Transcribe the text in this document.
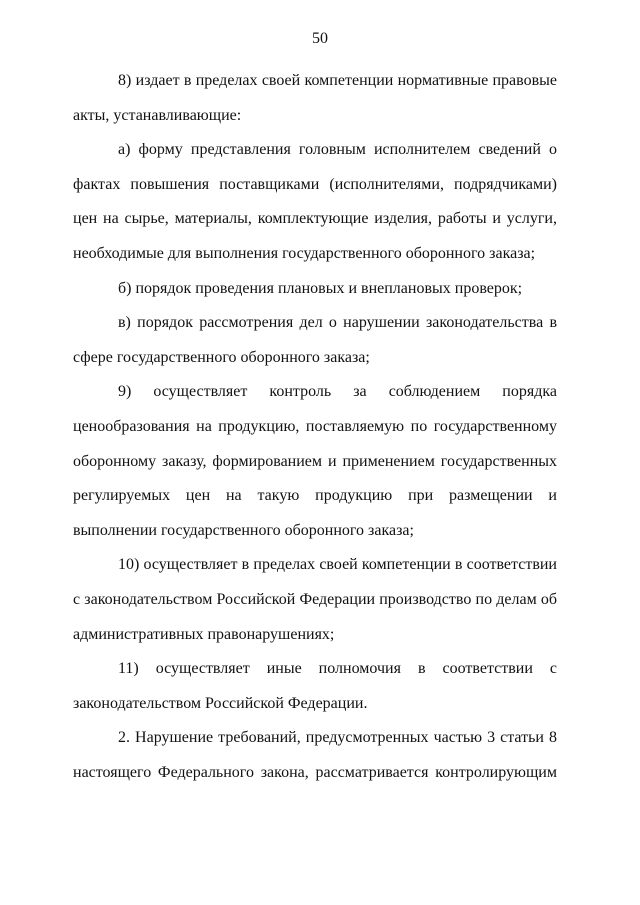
50

8) издает в пределах своей компетенции нормативные правовые акты, устанавливающие:

а) форму представления головным исполнителем сведений о фактах повышения поставщиками (исполнителями, подрядчиками) цен на сырье, материалы, комплектующие изделия, работы и услуги, необходимые для выполнения государственного оборонного заказа;

б) порядок проведения плановых и внеплановых проверок;

в) порядок рассмотрения дел о нарушении законодательства в сфере государственного оборонного заказа;

9) осуществляет контроль за соблюдением порядка ценообразования на продукцию, поставляемую по государственному оборонному заказу, формированием и применением государственных регулируемых цен на такую продукцию при размещении и выполнении государственного оборонного заказа;

10) осуществляет в пределах своей компетенции в соответствии с законодательством Российской Федерации производство по делам об административных правонарушениях;

11) осуществляет иные полномочия в соответствии с законодательством Российской Федерации.

2. Нарушение требований, предусмотренных частью 3 статьи 8 настоящего Федерального закона, рассматривается контролирующим
